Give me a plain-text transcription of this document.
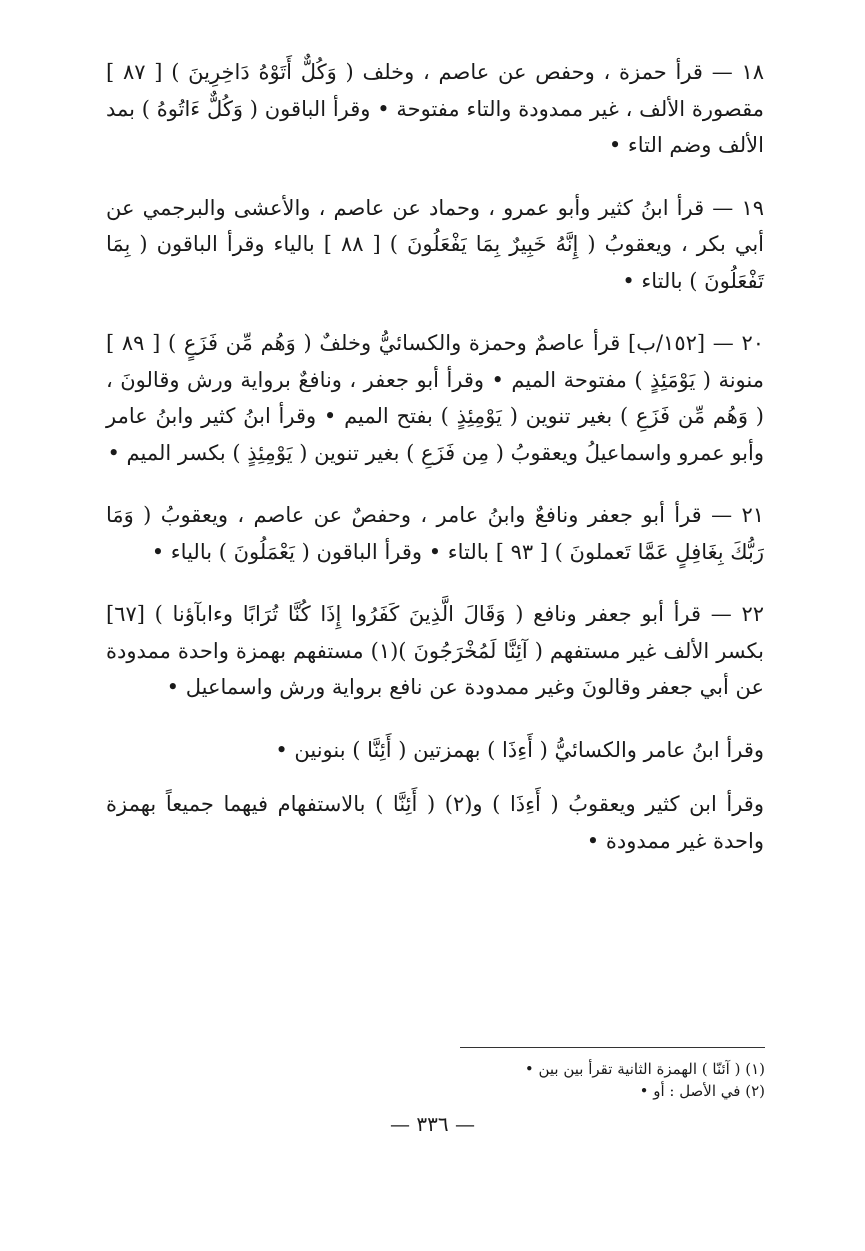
١٨ — قرأ حمزة ، وحفص عن عاصم ، وخلف ( وَكُلٌّ أَتَوْهُ دَاخِرِينَ ) [ ٨٧ ] مقصورة الألف ، غير ممدودة والتاء مفتوحة • وقرأ الباقون ( وَكُلٌّ ءَاتُوهُ ) بمد الألف وضم التاء •

١٩ — قرأ ابنُ كثير وأبو عمرو ، وحماد عن عاصم ، والأعشى والبرجمي عن أبي بكر ، ويعقوبُ ( إِنَّهُ خَبِيرٌ بِمَا يَفْعَلُونَ ) [ ٨٨ ] بالياء وقرأ الباقون ( بِمَا تَفْعَلُونَ ) بالتاء •

٢٠ — [١٥٢/ب] قرأ عاصمٌ وحمزة والكسائيُّ وخلفٌ ( وَهُم مِّن فَزَعٍ ) [ ٨٩ ] منونة ( يَوْمَئِذٍ ) مفتوحة الميم • وقرأ أبو جعفر ، ونافعٌ برواية ورش وقالونَ ، ( وَهُم مِّن فَزَعِ ) بغير تنوين ( يَوْمِئِذٍ ) بفتح الميم • وقرأ ابنُ كثير وابنُ عامر وأبو عمرو واسماعيلُ ويعقوبُ ( مِن فَزَعِ ) بغير تنوين ( يَوْمِئِذٍ ) بكسر الميم •

٢١ — قرأ أبو جعفر ونافعٌ وابنُ عامر ، وحفصٌ عن عاصم ، ويعقوبُ ( وَمَا رَبُّكَ بِغَافِلٍ عَمَّا تَعملونَ ) [ ٩٣ ] بالتاء • وقرأ الباقون ( يَعْمَلُونَ ) بالياء •

٢٢ — قرأ أبو جعفر ونافع ( وَقَالَ الَّذِينَ كَفَرُوا إِذَا كُنَّا تُرَابًا وءابآؤنا ) [٦٧] بكسر الألف غير مستفهم ( آئِنَّا لَمُخْرَجُونَ )(١) مستفهم بهمزة واحدة ممدودة عن أبي جعفر وقالونَ وغير ممدودة عن نافع برواية ورش واسماعيل •

وقرأ ابنُ عامر والكسائيُّ ( أَءِذَا ) بهمزتين ( أَئِنَّا ) بنونين •

وقرأ ابن كثير ويعقوبُ ( أَءِذَا ) و(٢) ( أَئِنَّا ) بالاستفهام فيهما جميعاً بهمزة واحدة غير ممدودة •

(١) ( آئنّا ) الهمزة الثانية تقرأ بين بين •

(٢) في الأصل : أو •

— ٣٣٦ —
